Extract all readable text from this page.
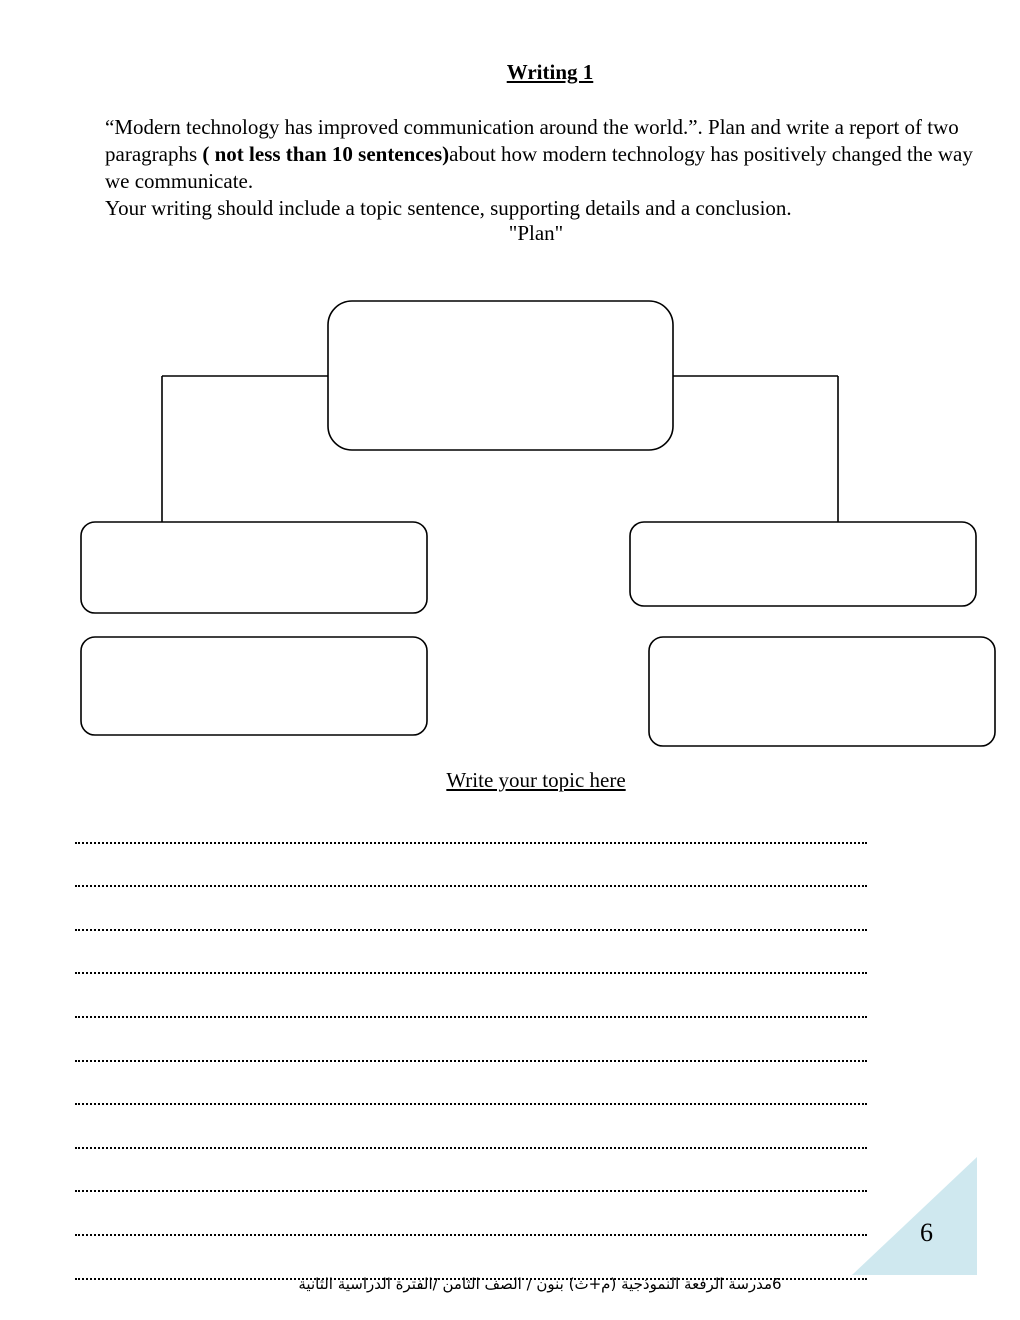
Writing 1

“Modern technology has improved communication around the world.”. Plan and write a report of two paragraphs ( not less than 10 sentences)about how modern technology has positively changed the way we communicate.

Your writing should include a topic sentence, supporting details and a conclusion.

"Plan"
Write your topic here
6
6مدرسة الرفعة النموذجية (م+ث) بنون / الصف الثامن /الفترة الدراسية الثانية
